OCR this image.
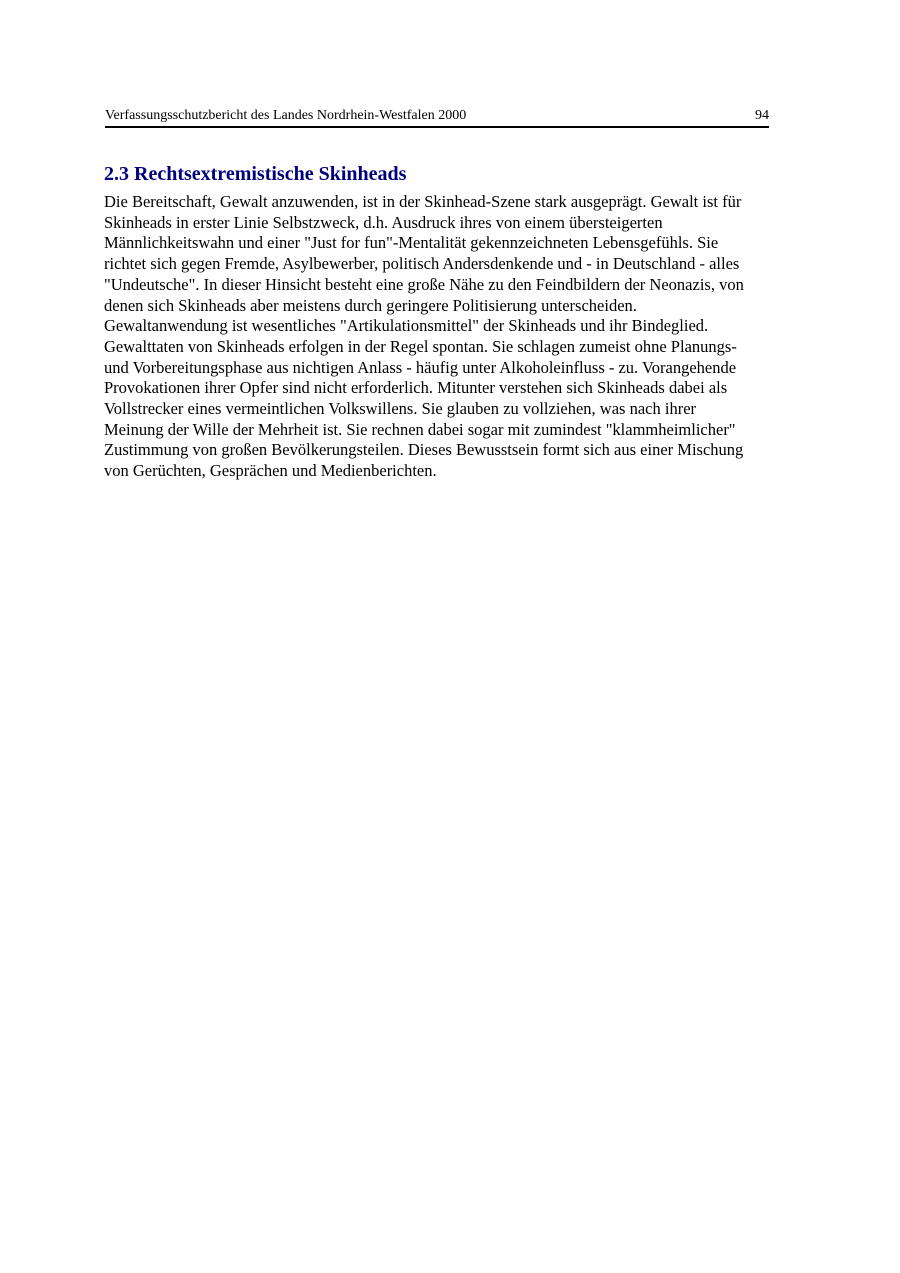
Verfassungsschutzbericht des Landes Nordrhein-Westfalen 2000	94
2.3 Rechtsextremistische Skinheads
Die Bereitschaft, Gewalt anzuwenden, ist in der Skinhead-Szene stark ausgeprägt. Gewalt ist für
Skinheads in erster Linie Selbstzweck, d.h. Ausdruck ihres von einem übersteigerten
Männlichkeitswahn und einer "Just for fun"-Mentalität gekennzeichneten Lebensgefühls. Sie
richtet sich gegen Fremde, Asylbewerber, politisch Andersdenkende und - in Deutschland - alles
"Undeutsche". In dieser Hinsicht besteht eine große Nähe zu den Feindbildern der Neonazis, von
denen sich Skinheads aber meistens durch geringere Politisierung unterscheiden.
Gewaltanwendung ist wesentliches "Artikulationsmittel" der Skinheads und ihr Bindeglied.
Gewalttaten von Skinheads erfolgen in der Regel spontan. Sie schlagen zumeist ohne Planungs-
und Vorbereitungsphase aus nichtigen Anlass - häufig unter Alkoholeinfluss - zu. Vorangehende
Provokationen ihrer Opfer sind nicht erforderlich. Mitunter verstehen sich Skinheads dabei als
Vollstrecker eines vermeintlichen Volkswillens. Sie glauben zu vollziehen, was nach ihrer
Meinung der Wille der Mehrheit ist. Sie rechnen dabei sogar mit zumindest "klammheimlicher"
Zustimmung von großen Bevölkerungsteilen. Dieses Bewusstsein formt sich aus einer Mischung
von Gerüchten, Gesprächen und Medienberichten.
